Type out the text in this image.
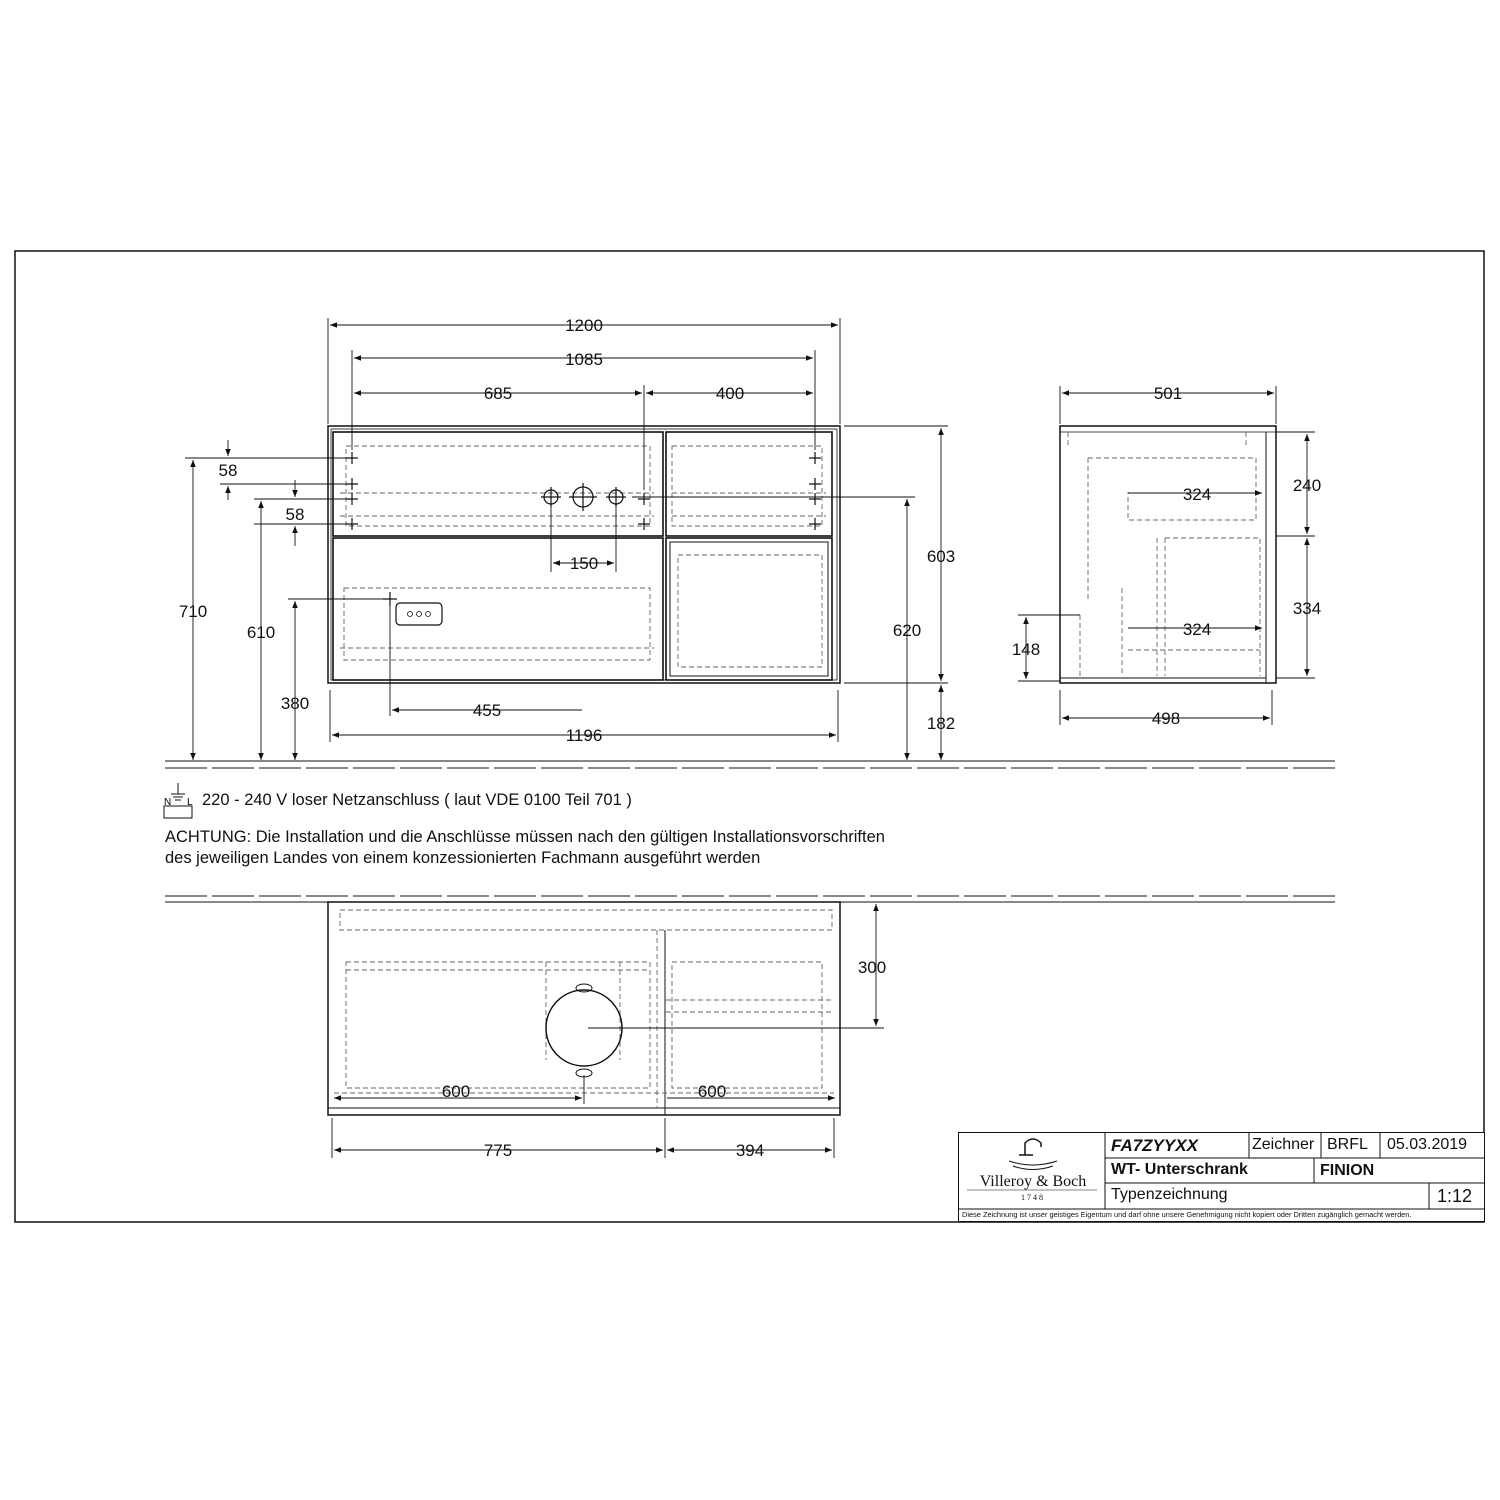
1200
1085
685	400
58
58
150
710
610
380	455
1196
603
620
182
501
240
324
334
324
148
498
N L
300
600	600
775	394
220 - 240 V loser Netzanschluss ( laut VDE 0100 Teil 701 )
ACHTUNG: Die Installation und die Anschlüsse müssen nach den gültigen Installationsvorschriften
des jeweiligen Landes von einem konzessionierten Fachmann ausgeführt werden
Villeroy & Boch
1748
FA7ZYYXX	Zeichner BRFL 05.03.2019
WT- Unterschrank	FINION
Typenzeichnung	1:12
Diese Zeichnung ist unser geistiges Eigentum und darf ohne unsere Genehmigung nicht kopiert oder Dritten zugänglich gemacht werden.
